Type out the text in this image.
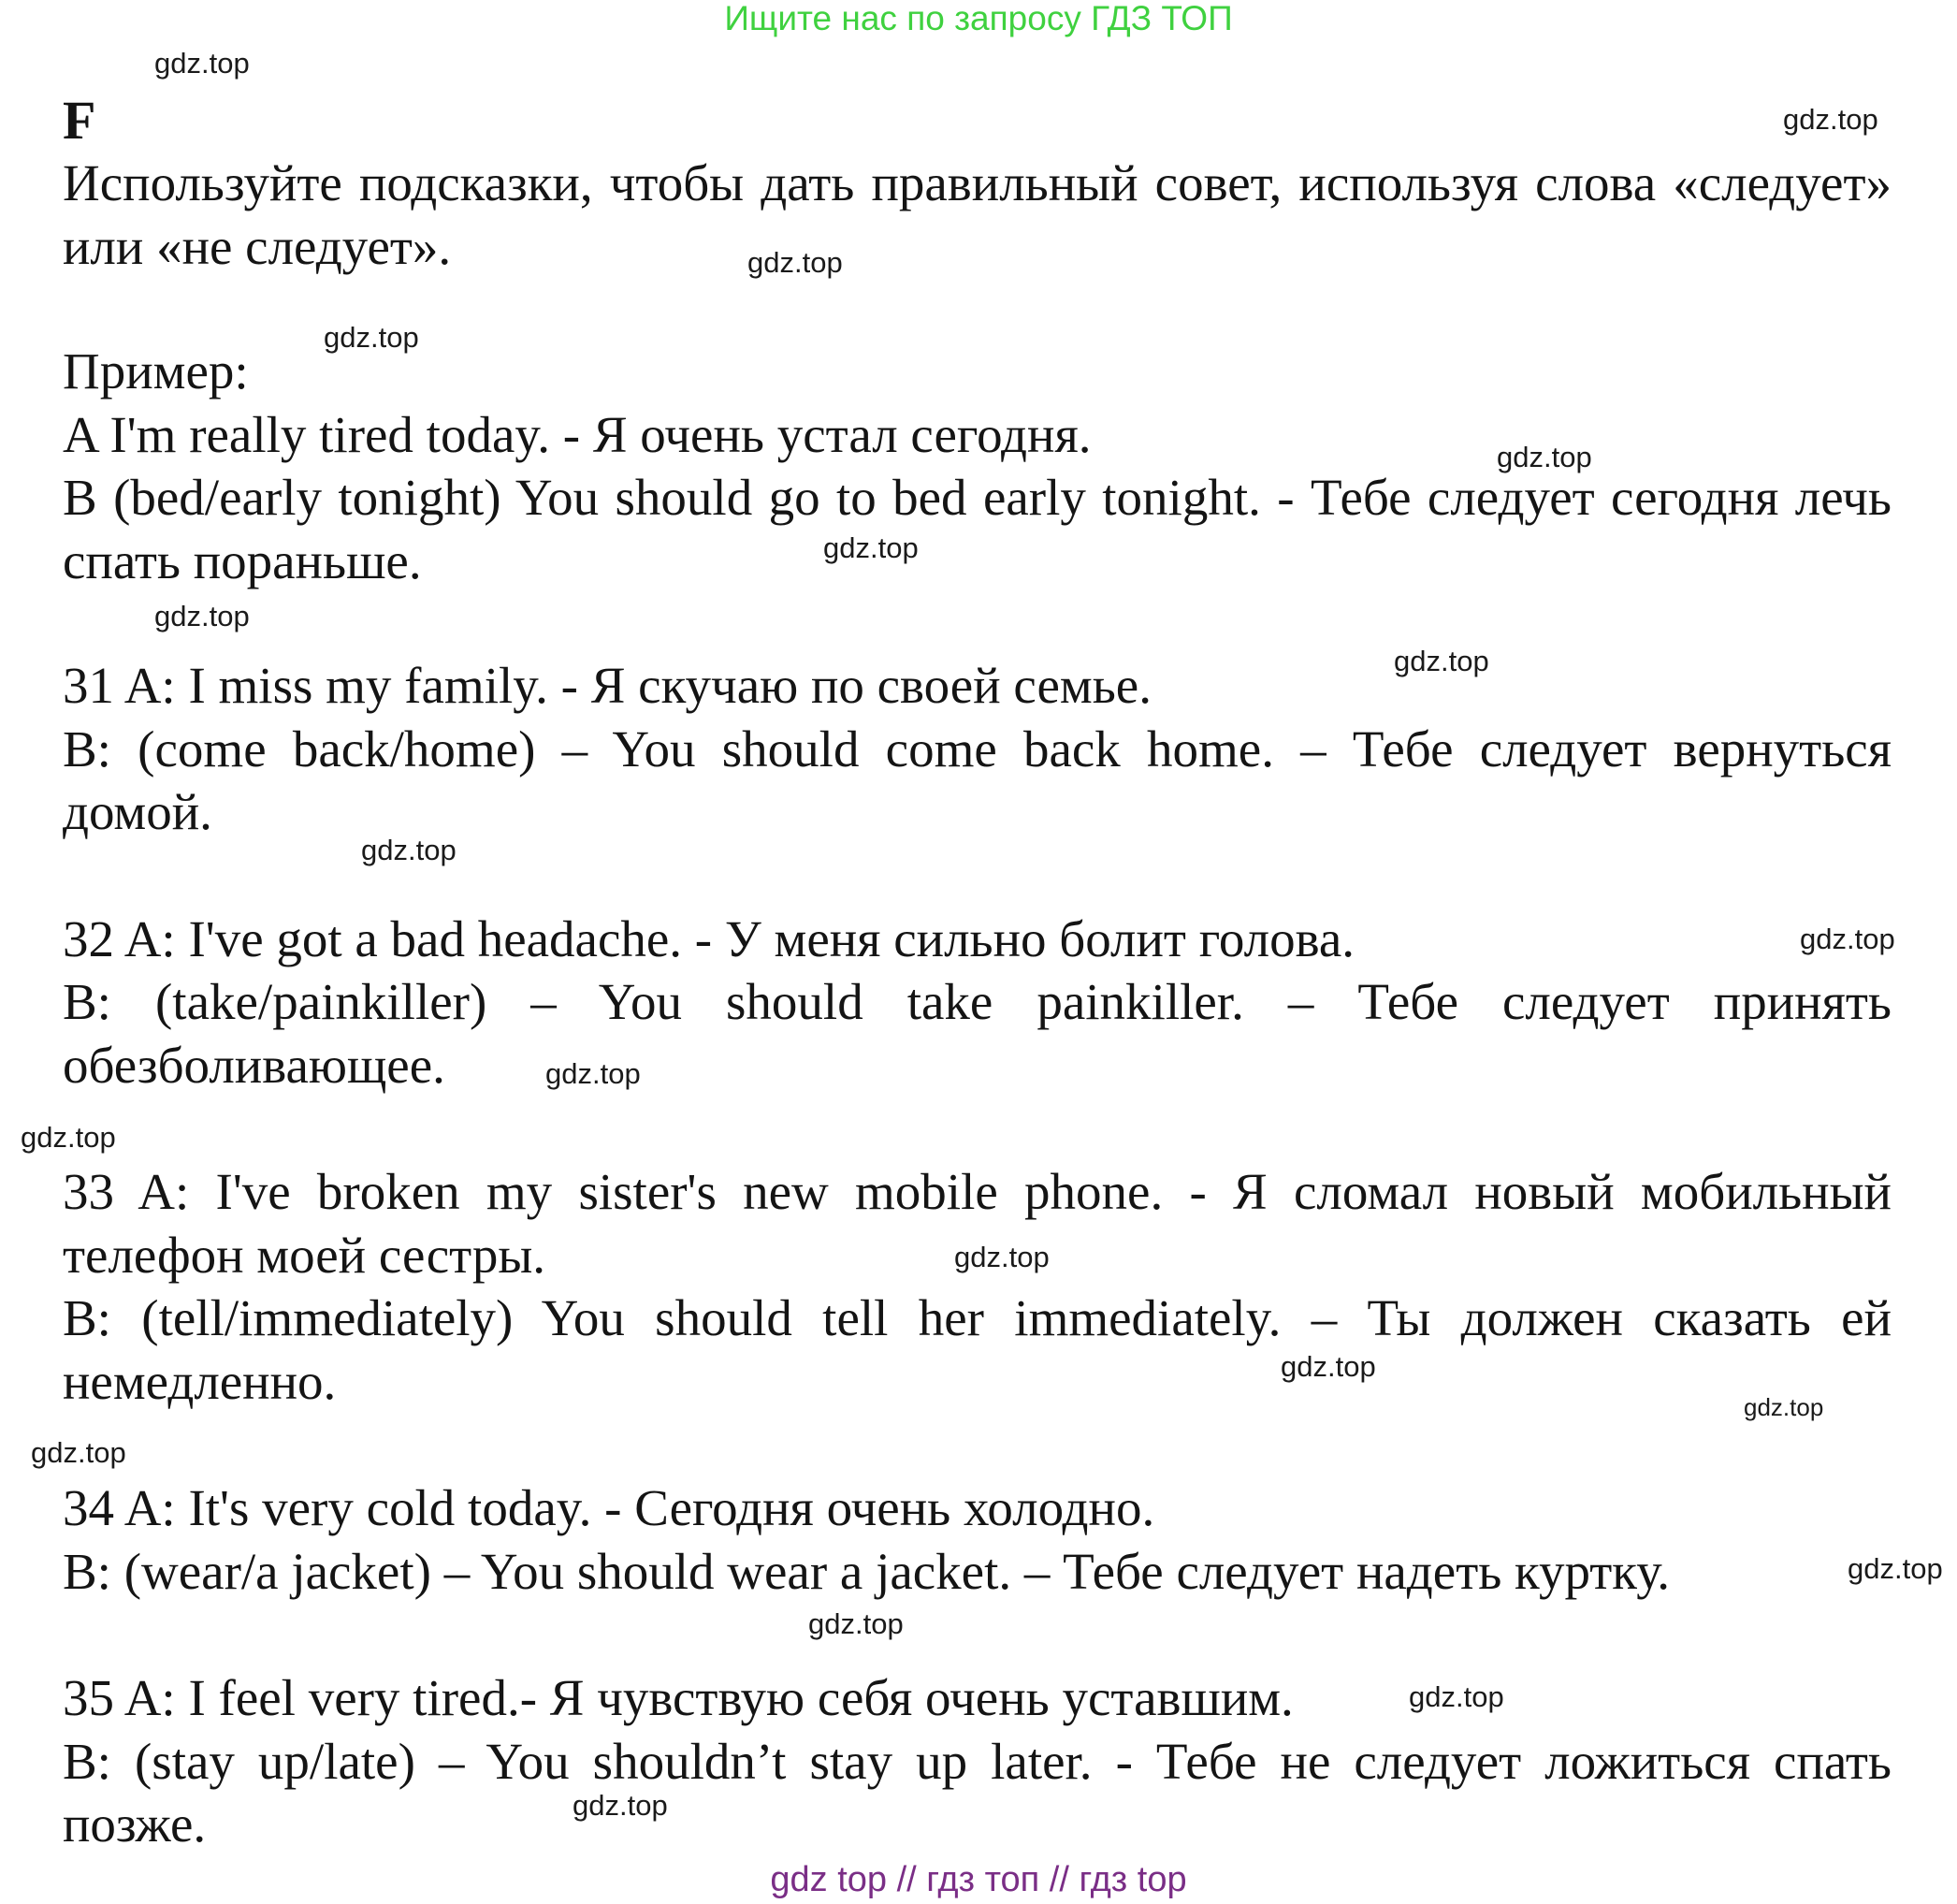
Ищите нас по запросу ГДЗ ТОП
F

Используйте подсказки, чтобы дать правильный совет, используя слова «следует» или «не следует».

Пример:

A I'm really tired today. - Я очень устал сегодня.

B (bed/early tonight) You should go to bed early tonight. - Тебе следует сегодня лечь спать пораньше.

31 A: I miss my family. - Я скучаю по своей семье.

B: (come back/home) – You should come back home. – Тебе следует вернуться домой.

32 A: I've got a bad headache. - У меня сильно болит голова.

B: (take/painkiller) – You should take painkiller. – Тебе следует принять обезболивающее.

33 A: I've broken my sister's new mobile phone. - Я сломал новый мобильный телефон моей сестры.

B: (tell/immediately) You should tell her immediately. – Ты должен сказать ей немедленно.

34 A: It's very cold today. - Сегодня очень холодно.

B: (wear/a jacket) – You should wear a jacket. – Тебе следует надеть куртку.

35 A: I feel very tired.- Я чувствую себя очень уставшим.

B: (stay up/late) – You shouldn’t stay up later. - Тебе не следует ложиться спать позже.

gdz.top
gdz.top
gdz.top
gdz.top
gdz.top
gdz.top
gdz.top
gdz.top
gdz.top
gdz.top
gdz.top
gdz.top
gdz.top
gdz.top
gdz.top
gdz.top
gdz.top
gdz.top
gdz.top
gdz.top
gdz top // гдз топ // гдз top
